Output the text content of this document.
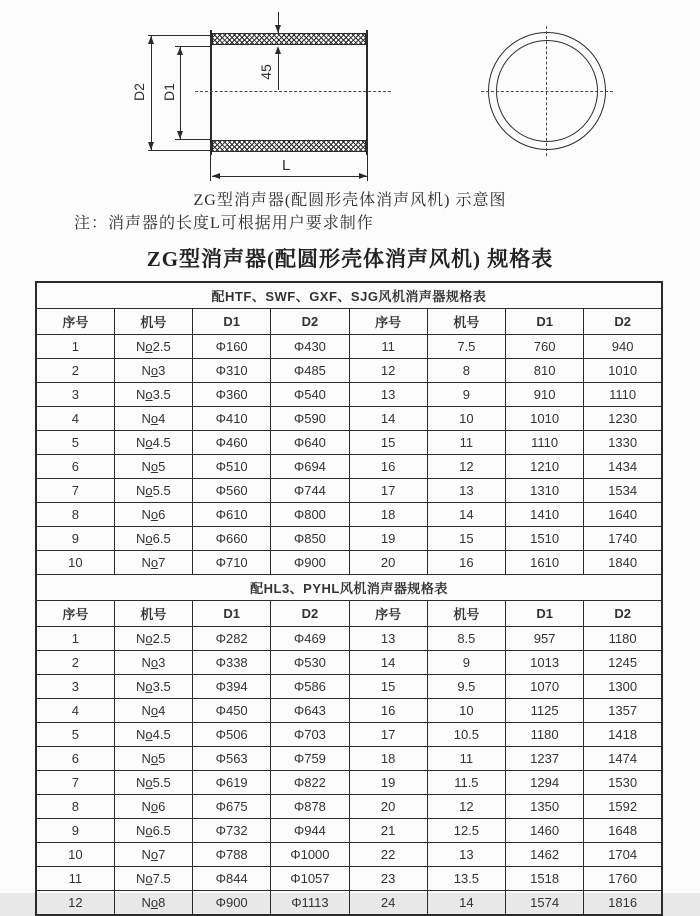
D2 D1
45
L
ZG型消声器(配圆形壳体消声风机) 示意图
注：消声器的长度L可根据用户要求制作
ZG型消声器(配圆形壳体消声风机) 规格表
配HTF、SWF、GXF、SJG风机消声器规格表							
序号	机号	D1	D2	序号	机号	D1	D2
1	No2.5	Φ160	Φ430	11	7.5	760	940
2	No3	Φ310	Φ485	12	8	810	1010
3	No3.5	Φ360	Φ540	13	9	910	1110
4	No4	Φ410	Φ590	14	10	1010	1230
5	No4.5	Φ460	Φ640	15	11	1110	1330
6	No5	Φ510	Φ694	16	12	1210	1434
7	No5.5	Φ560	Φ744	17	13	1310	1534
8	No6	Φ610	Φ800	18	14	1410	1640
9	No6.5	Φ660	Φ850	19	15	1510	1740
10	No7	Φ710	Φ900	20	16	1610	1840
配HL3、PYHL风机消声器规格表							
序号	机号	D1	D2	序号	机号	D1	D2
1	No2.5	Φ282	Φ469	13	8.5	957	1180
2	No3	Φ338	Φ530	14	9	1013	1245
3	No3.5	Φ394	Φ586	15	9.5	1070	1300
4	No4	Φ450	Φ643	16	10	1125	1357
5	No4.5	Φ506	Φ703	17	10.5	1180	1418
6	No5	Φ563	Φ759	18	11	1237	1474
7	No5.5	Φ619	Φ822	19	11.5	1294	1530
8	No6	Φ675	Φ878	20	12	1350	1592
9	No6.5	Φ732	Φ944	21	12.5	1460	1648
10	No7	Φ788	Φ1000	22	13	1462	1704
11	No7.5	Φ844	Φ1057	23	13.5	1518	1760
12	No8	Φ900	Φ1113	24	14	1574	1816
